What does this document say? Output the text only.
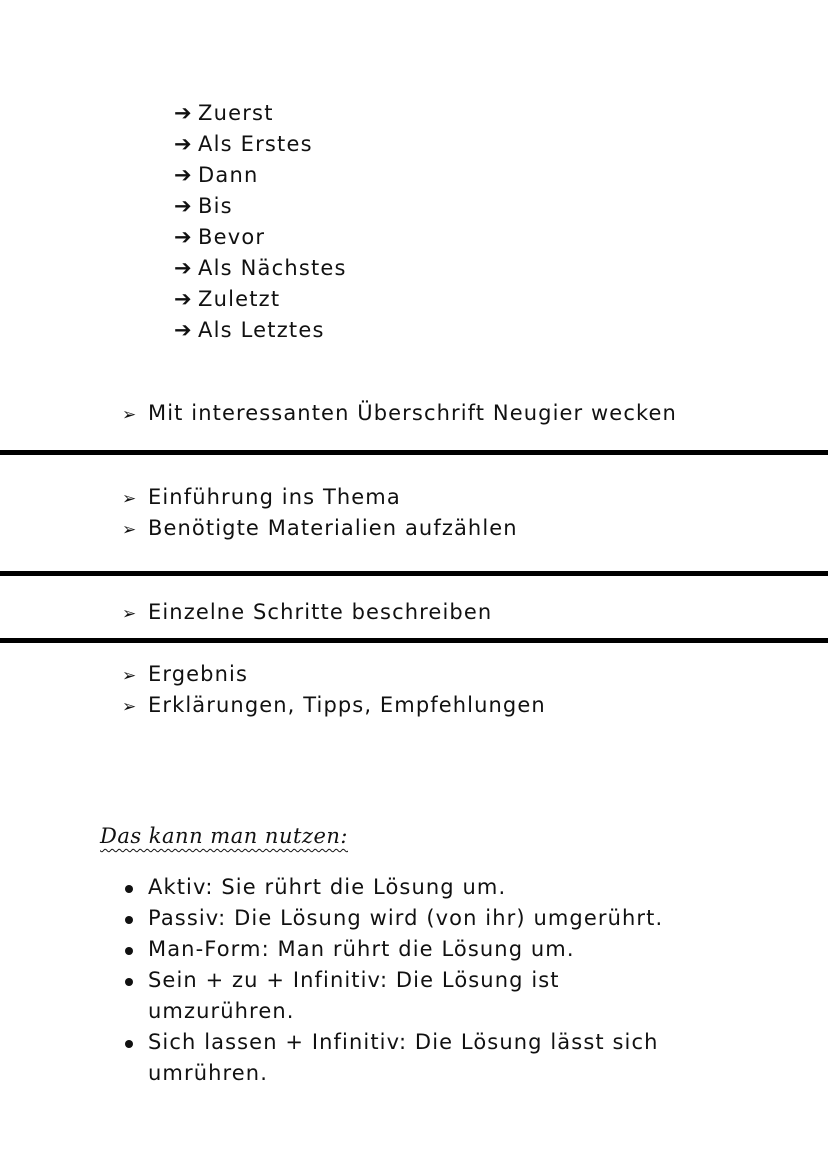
➔ Zuerst
➔ Als Erstes
➔ Dann
➔ Bis
➔ Bevor
➔ Als Nächstes
➔ Zuletzt
➔ Als Letztes
➢ Mit interessanten Überschrift Neugier wecken
➢ Einführung ins Thema
➢ Benötigte Materialien aufzählen
➢ Einzelne Schritte beschreiben
➢ Ergebnis
➢ Erklärungen, Tipps, Empfehlungen
Das kann man nutzen:
Aktiv: Sie rührt die Lösung um.
Passiv: Die Lösung wird (von ihr) umgerührt.
Man-Form: Man rührt die Lösung um.
Sein + zu + Infinitiv: Die Lösung ist umzurühren.
Sich lassen + Infinitiv: Die Lösung lässt sich umrühren.
